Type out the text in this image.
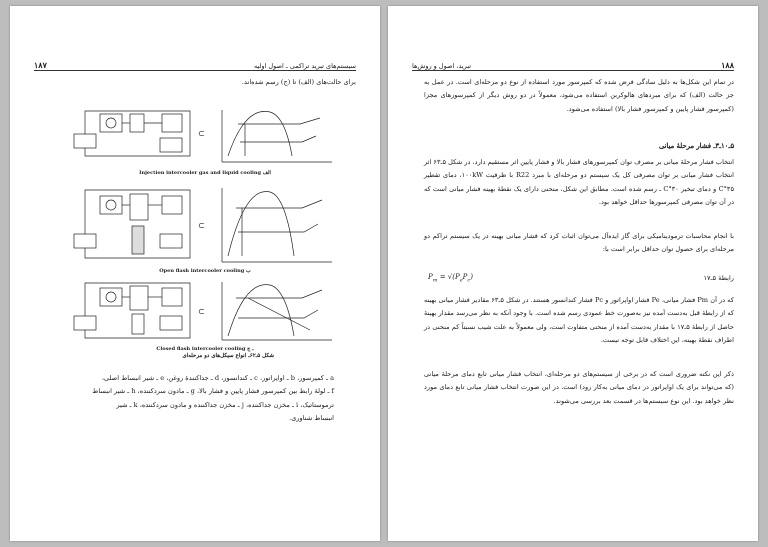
۱۸۷	سیستم‌های تبرید تراکمی ـ اصول اولیه
برای حالت‌های (الف) تا (ج) رسم شده‌اند.
⊂
Injection intercooler gas and liquid cooling الف
⊂
Open flash intercooler cooling ب
⊂
Closed flash intercooler cooling ـ ج
شکل ۵ـ۶۲ـ انواع سیکل‌های دو مرحله‌ای
a ـ کمپرسور، b ـ اواپراتور، c ـ کندانسور، d ـ جداکنندهٔ روغن، e ـ شیر انبساط اصلی،
f ـ لولهٔ رابط بین کمپرسور فشار پایین و فشار بالا، g ـ مادون سردکننده، h ـ شیر انبساط
ترموستاتیک، i ـ مخزن جداکننده، j ـ مخزن جداکننده و مادون سردکننده، k ـ شیر
انبساط شناوری.
تبرید، اصول و روش‌ها	۱۸۸
در تمام این شکل‌ها به دلیل سادگی فرض شده که کمپرسور مورد استفاده از نوع دو مرحله‌ای است. در عمل به جز حالت (الف) که برای مبردهای هالوکربن استفاده می‌شود، معمولاً در دو روش دیگر از کمپرسورهای مجزا (کمپرسور فشار پایین و کمپرسور فشار بالا) استفاده می‌شود.
۵ـ۱۰ـ۳ـ فشار مرحلهٔ میانی
انتخاب فشار مرحلهٔ میانی بر مصرف توان کمپرسورهای فشار بالا و فشار پایین اثر مستقیم دارد. در شکل ۵ـ۶۳ اثر انتخاب فشار میانی بر توان مصرفی کل یک سیستم دو مرحله‌ای با مبرد R22 با ظرفیت ۱۰۰kW، دمای تقطیر ۳۵°C و دمای تبخیر ۳۰°C ـ رسم شده است. مطابق این شکل، منحنی دارای یک نقطهٔ بهینه فشار میانی است که در آن توان مصرفی کمپرسورها حداقل خواهد بود.
با انجام محاسبات ترمودینامیکی برای گاز ایده‌آل می‌توان اثبات کرد که فشار میانی بهینه در یک سیستم تراکم دو مرحله‌ای برای حصول توان حداقل برابر است با:
$P_m = √(P_eP_c)$	رابطهٔ ۵ـ۱۷
که در آن Pm فشار میانی، Pe فشار اواپراتور و Pc فشار کندانسور هستند. در شکل ۵ـ۶۳ مقادیر فشار میانی بهینه که از رابطهٔ قبل به‌دست آمده نیز به‌صورت خط عمودی رسم شده است. با وجود آنکه به نظر می‌رسد مقدار بهینهٔ حاصل از رابطهٔ ۵ـ۱۷ با مقدار به‌دست آمده از منحنی متفاوت است، ولی معمولاً به علت شیب نسبتاً کم منحنی در اطراف نقطهٔ بهینه، این اختلاف قابل توجه نیست.
ذکر این نکته ضروری است که در برخی از سیستم‌های دو مرحله‌ای، انتخاب فشار میانی تابع دمای مرحلهٔ میانی (که می‌تواند برای یک اواپراتور در دمای میانی به‌کار رود) است. در این صورت انتخاب فشار میانی تابع دمای مورد نظر خواهد بود. این نوع سیستم‌ها در قسمت بعد بررسی می‌شوند.
